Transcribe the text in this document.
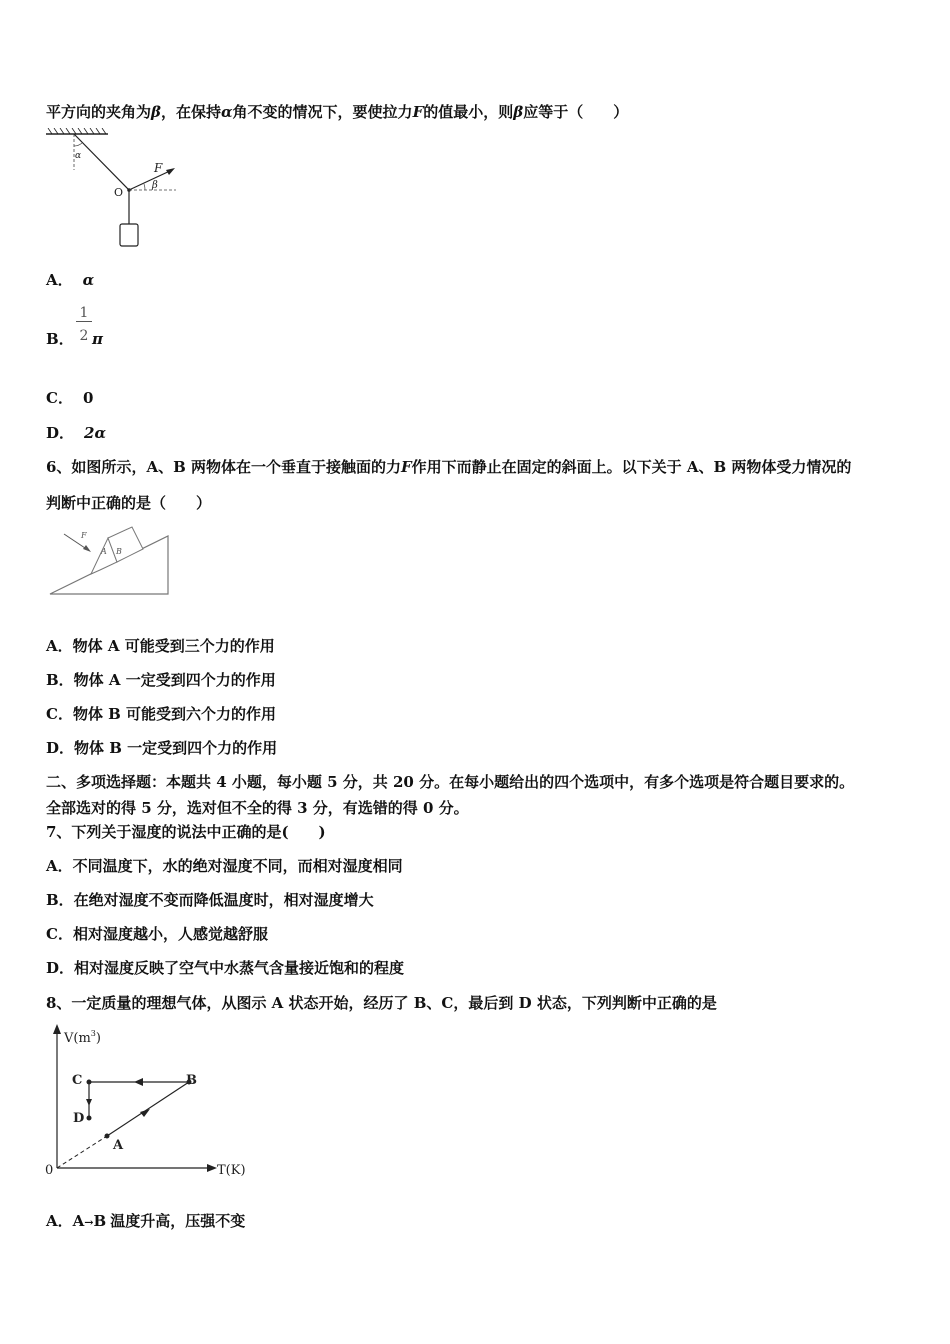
平方向的夹角为β，在保持α角不变的情况下，要使拉力F的值最小，则β应等于（　　）
α
O
F
β
A． α
B．
1
2 π
C． 0
D． 2α
6、如图所示，A、B 两物体在一个垂直于接触面的力F作用下而静止在固定的斜面上。以下关于 A、B 两物体受力情况的
判断中正确的是（　　）
F
A B
A．物体 A 可能受到三个力的作用
B．物体 A 一定受到四个力的作用
C．物体 B 可能受到六个力的作用
D．物体 B 一定受到四个力的作用
二、多项选择题：本题共 4 小题，每小题 5 分，共 20 分。在每小题给出的四个选项中，有多个选项是符合题目要求的。
全部选对的得 5 分，选对但不全的得 3 分，有选错的得 0 分。
7、下列关于湿度的说法中正确的是(　　)
A．不同温度下，水的绝对湿度不同，而相对湿度相同
B．在绝对湿度不变而降低温度时，相对湿度增大
C．相对湿度越小，人感觉越舒服
D．相对湿度反映了空气中水蒸气含量接近饱和的程度
8、一定质量的理想气体，从图示 A 状态开始，经历了 B、C，最后到 D 状态，下列判断中正确的是
$V(m^3)$
T(K)
0
A
B
C
D
A．A→B 温度升高，压强不变
